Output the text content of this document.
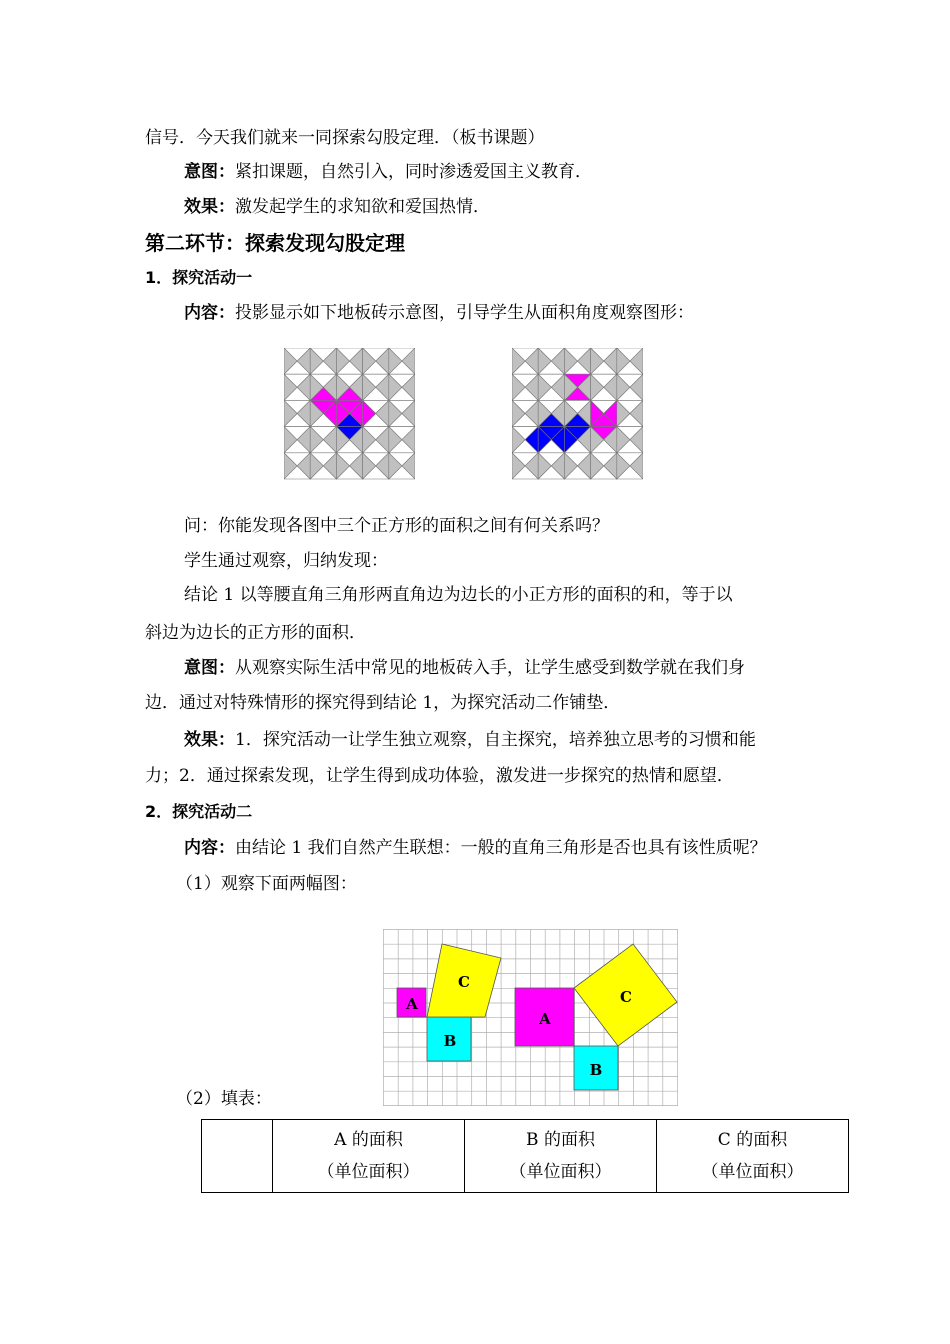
信号．今天我们就来一同探索勾股定理．（板书课题）
意图：紧扣课题，自然引入，同时渗透爱国主义教育．
效果：激发起学生的求知欲和爱国热情．
第二环节：探索发现勾股定理
1．探究活动一
内容：投影显示如下地板砖示意图，引导学生从面积角度观察图形：
问：你能发现各图中三个正方形的面积之间有何关系吗？
学生通过观察，归纳发现：
结论 1 以等腰直角三角形两直角边为边长的小正方形的面积的和，等于以
斜边为边长的正方形的面积．
意图：从观察实际生活中常见的地板砖入手，让学生感受到数学就在我们身
边．通过对特殊情形的探究得到结论 1，为探究活动二作铺垫．
效果：1．探究活动一让学生独立观察，自主探究，培养独立思考的习惯和能
力；2．通过探索发现，让学生得到成功体验，激发进一步探究的热情和愿望．
2．探究活动二
内容：由结论 1 我们自然产生联想：一般的直角三角形是否也具有该性质呢？
（1）观察下面两幅图：
A
B
C
A
B
C
（2）填表：
	A 的面积
（单位面积）	B 的面积
（单位面积）	C 的面积
（单位面积）
